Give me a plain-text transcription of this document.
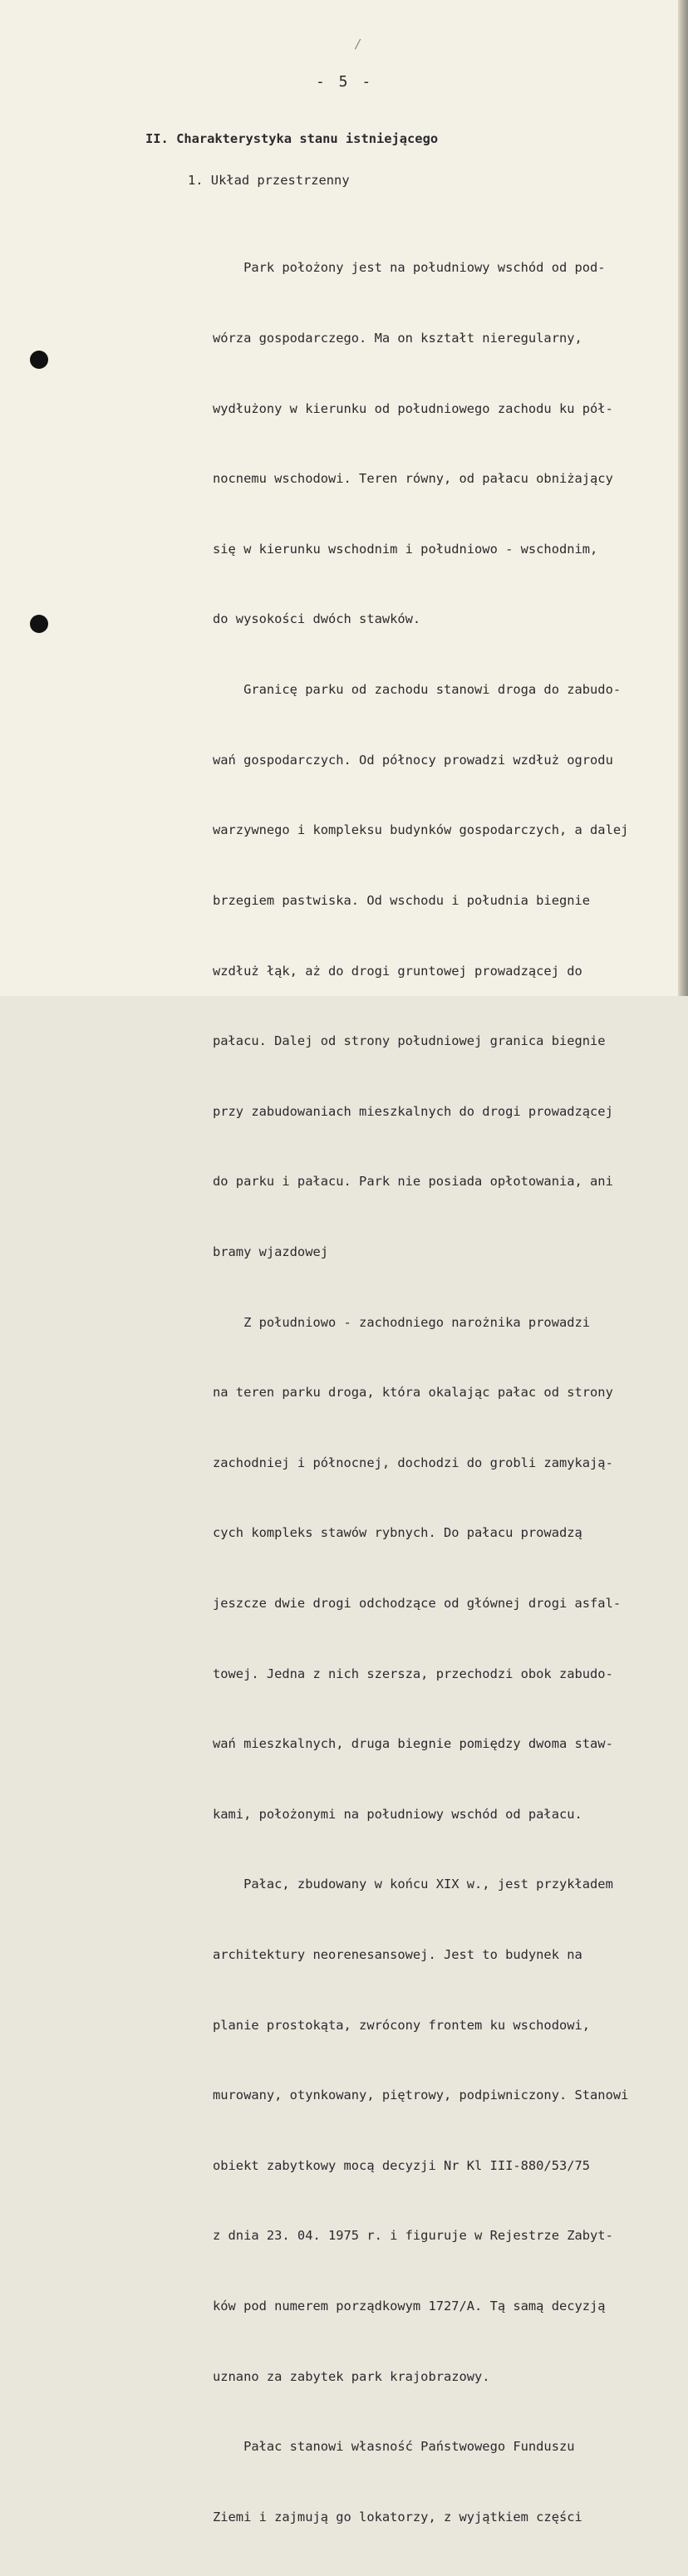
/
- 5 -
II. Charakterystyka stanu istniejącego
1. Układ przestrzenny

Park położony jest na południowy wschód od pod-

wórza gospodarczego. Ma on kształt nieregularny,

wydłużony w kierunku od południowego zachodu ku pół-

nocnemu wschodowi. Teren równy, od pałacu obniżający

się w kierunku wschodnim i południowo - wschodnim,

do wysokości dwóch stawków.

Granicę parku od zachodu stanowi droga do zabudo-

wań gospodarczych. Od północy prowadzi wzdłuż ogrodu

warzywnego i kompleksu budynków gospodarczych, a dalej

brzegiem pastwiska. Od wschodu i południa biegnie

wzdłuż łąk, aż do drogi gruntowej prowadzącej do

pałacu. Dalej od strony południowej granica biegnie

przy zabudowaniach mieszkalnych do drogi prowadzącej

do parku i pałacu. Park nie posiada opłotowania, ani

bramy wjazdowej

Z południowo - zachodniego narożnika prowadzi

na teren parku droga, która okalając pałac od strony

zachodniej i północnej, dochodzi do grobli zamykają-

cych kompleks stawów rybnych. Do pałacu prowadzą

jeszcze dwie drogi odchodzące od głównej drogi asfal-

towej. Jedna z nich szersza, przechodzi obok zabudo-

wań mieszkalnych, druga biegnie pomiędzy dwoma staw-

kami, położonymi na południowy wschód od pałacu.

Pałac, zbudowany w końcu XIX w., jest przykładem

architektury neorenesansowej. Jest to budynek na

planie prostokąta, zwrócony frontem ku wschodowi,

murowany, otynkowany, piętrowy, podpiwniczony. Stanowi

obiekt zabytkowy mocą decyzji Nr Kl III-880/53/75

z dnia 23. 04. 1975 r. i figuruje w Rejestrze Zabyt-

ków pod numerem porządkowym 1727/A. Tą samą decyzją

uznano za zabytek park krajobrazowy.

Pałac stanowi własność Państwowego Funduszu

Ziemi i zajmują go lokatorzy, z wyjątkiem części
